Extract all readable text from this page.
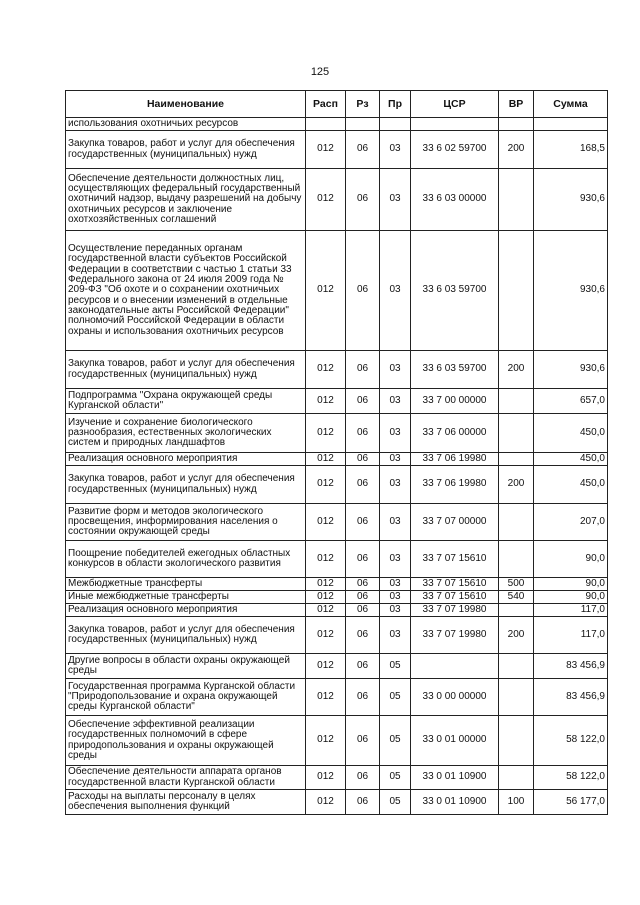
125
Наименование	Расп	Рз	Пр	ЦСР	ВР	Сумма
использования охотничьих ресурсов						
Закупка товаров, работ и услуг для обеспечения государственных (муниципальных) нужд	012	06	03	33 6 02 59700	200	168,5
Обеспечение деятельности должностных лиц, осуществляющих федеральный государственный охотничий надзор, выдачу разрешений на добычу охотничьих ресурсов и заключение охотхозяйственных соглашений	012	06	03	33 6 03 00000		930,6
Осуществление переданных органам государственной власти субъектов Российской Федерации в соответствии с частью 1 статьи 33 Федерального закона от 24 июля 2009 года № 209-ФЗ "Об охоте и о сохранении охотничьих ресурсов и о внесении изменений в отдельные законодательные акты Российской Федерации" полномочий Российской Федерации в области охраны и использования охотничьих ресурсов	012	06	03	33 6 03 59700		930,6
Закупка товаров, работ и услуг для обеспечения государственных (муниципальных) нужд	012	06	03	33 6 03 59700	200	930,6
Подпрограмма "Охрана окружающей среды Курганской области"	012	06	03	33 7 00 00000		657,0
Изучение и сохранение биологического разнообразия, естественных экологических систем и природных ландшафтов	012	06	03	33 7 06 00000		450,0
Реализация основного мероприятия	012	06	03	33 7 06 19980		450,0
Закупка товаров, работ и услуг для обеспечения государственных (муниципальных) нужд	012	06	03	33 7 06 19980	200	450,0
Развитие форм и методов экологического просвещения, информирования населения о состоянии окружающей среды	012	06	03	33 7 07 00000		207,0
Поощрение победителей ежегодных областных конкурсов в области экологического развития	012	06	03	33 7 07 15610		90,0
Межбюджетные трансферты	012	06	03	33 7 07 15610	500	90,0
Иные межбюджетные трансферты	012	06	03	33 7 07 15610	540	90,0
Реализация основного мероприятия	012	06	03	33 7 07 19980		117,0
Закупка товаров, работ и услуг для обеспечения государственных (муниципальных) нужд	012	06	03	33 7 07 19980	200	117,0
Другие вопросы в области охраны окружающей среды	012	06	05			83 456,9
Государственная программа Курганской области "Природопользование и охрана окружающей среды Курганской области"	012	06	05	33 0 00 00000		83 456,9
Обеспечение эффективной реализации государственных полномочий в сфере природопользования и охраны окружающей среды	012	06	05	33 0 01 00000		58 122,0
Обеспечение деятельности аппарата органов государственной власти Курганской области	012	06	05	33 0 01 10900		58 122,0
Расходы на выплаты персоналу в целях обеспечения выполнения функций	012	06	05	33 0 01 10900	100	56 177,0
